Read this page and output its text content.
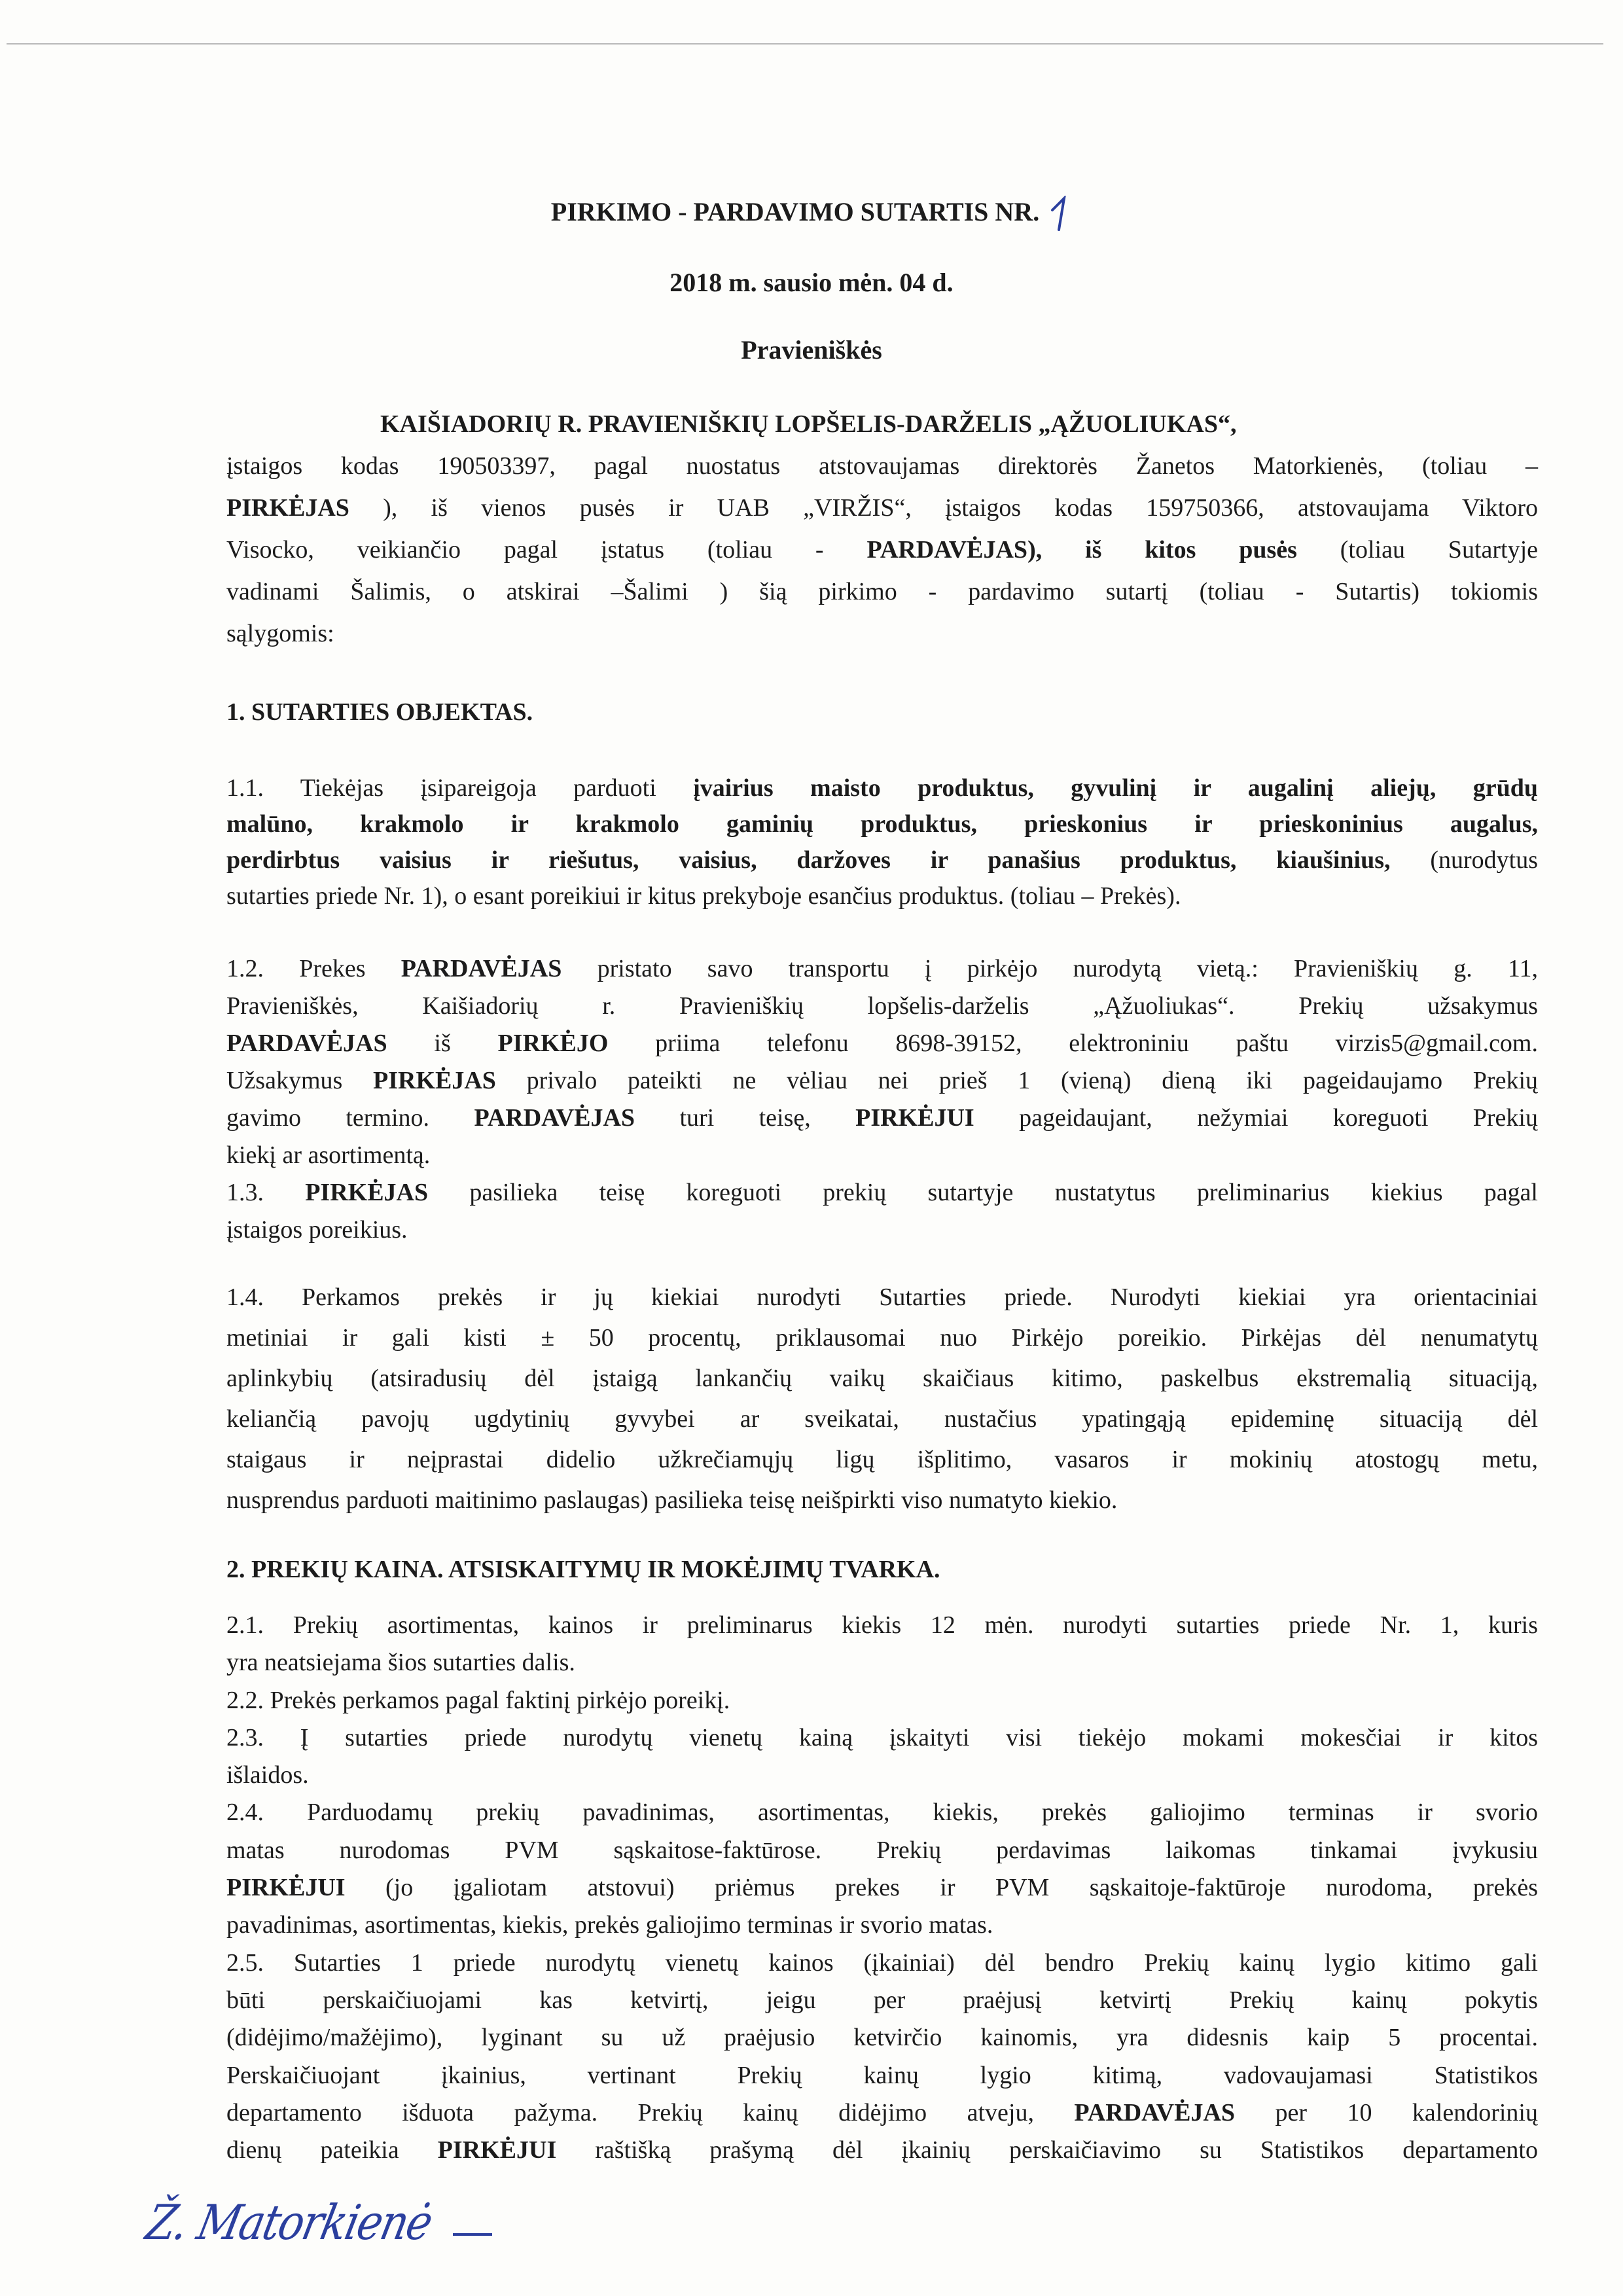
PIRKIMO - PARDAVIMO SUTARTIS NR.
2018 m. sausio mėn. 04 d.
Pravieniškės
KAIŠIADORIŲ R. PRAVIENIŠKIŲ LOPŠELIS-DARŽELIS „ĄŽUOLIUKAS“,
įstaigos kodas 190503397, pagal nuostatus atstovaujamas direktorės Žanetos Matorkienės, (toliau –
PIRKĖJAS ), iš vienos pusės ir UAB „VIRŽIS“, įstaigos kodas 159750366, atstovaujama Viktoro
Visocko, veikiančio pagal įstatus (toliau - PARDAVĖJAS), iš kitos pusės (toliau Sutartyje
vadinami Šalimis, o atskirai –Šalimi ) šią pirkimo - pardavimo sutartį (toliau - Sutartis) tokiomis
sąlygomis:
1. SUTARTIES OBJEKTAS.
1.1. Tiekėjas įsipareigoja parduoti įvairius maisto produktus, gyvulinį ir augalinį aliejų, grūdų
malūno, krakmolo ir krakmolo gaminių produktus, prieskonius ir prieskoninius augalus,
perdirbtus vaisius ir riešutus, vaisius, daržoves ir panašius produktus, kiaušinius, (nurodytus
sutarties priede Nr. 1), o esant poreikiui ir kitus prekyboje esančius produktus. (toliau – Prekės).
1.2. Prekes PARDAVĖJAS pristato savo transportu į pirkėjo nurodytą vietą.: Pravieniškių g. 11,
Pravieniškės, Kaišiadorių r. Pravieniškių lopšelis-darželis „Ąžuoliukas“. Prekių užsakymus
PARDAVĖJAS iš PIRKĖJO priima telefonu 8698-39152, elektroniniu paštu virzis5@gmail.com.
Užsakymus PIRKĖJAS privalo pateikti ne vėliau nei prieš 1 (vieną) dieną iki pageidaujamo Prekių
gavimo termino. PARDAVĖJAS turi teisę, PIRKĖJUI pageidaujant, nežymiai koreguoti Prekių
kiekį ar asortimentą.
1.3. PIRKĖJAS pasilieka teisę koreguoti prekių sutartyje nustatytus preliminarius kiekius pagal
įstaigos poreikius.
1.4. Perkamos prekės ir jų kiekiai nurodyti Sutarties priede. Nurodyti kiekiai yra orientaciniai
metiniai ir gali kisti ± 50 procentų, priklausomai nuo Pirkėjo poreikio. Pirkėjas dėl nenumatytų
aplinkybių (atsiradusių dėl įstaigą lankančių vaikų skaičiaus kitimo, paskelbus ekstremalią situaciją,
keliančią pavojų ugdytinių gyvybei ar sveikatai, nustačius ypatingąją epideminę situaciją dėl
staigaus ir neįprastai didelio užkrečiamųjų ligų išplitimo, vasaros ir mokinių atostogų metu,
nusprendus parduoti maitinimo paslaugas) pasilieka teisę neišpirkti viso numatyto kiekio.
2. PREKIŲ KAINA. ATSISKAITYMŲ IR MOKĖJIMŲ TVARKA.
2.1. Prekių asortimentas, kainos ir preliminarus kiekis 12 mėn. nurodyti sutarties priede Nr. 1, kuris
yra neatsiejama šios sutarties dalis.
2.2. Prekės perkamos pagal faktinį pirkėjo poreikį.
2.3. Į sutarties priede nurodytų vienetų kainą įskaityti visi tiekėjo mokami mokesčiai ir kitos
išlaidos.
2.4. Parduodamų prekių pavadinimas, asortimentas, kiekis, prekės galiojimo terminas ir svorio
matas nurodomas PVM sąskaitose-faktūrose. Prekių perdavimas laikomas tinkamai įvykusiu
PIRKĖJUI (jo įgaliotam atstovui) priėmus prekes ir PVM sąskaitoje-faktūroje nurodoma, prekės
pavadinimas, asortimentas, kiekis, prekės galiojimo terminas ir svorio matas.
2.5. Sutarties 1 priede nurodytų vienetų kainos (įkainiai) dėl bendro Prekių kainų lygio kitimo gali
būti perskaičiuojami kas ketvirtį, jeigu per praėjusį ketvirtį Prekių kainų pokytis
(didėjimo/mažėjimo), lyginant su už praėjusio ketvirčio kainomis, yra didesnis kaip 5 procentai.
Perskaičiuojant įkainius, vertinant Prekių kainų lygio kitimą, vadovaujamasi Statistikos
departamento išduota pažyma. Prekių kainų didėjimo atveju, PARDAVĖJAS per 10 kalendorinių
dienų pateikia PIRKĖJUI raštišką prašymą dėl įkainių perskaičiavimo su Statistikos departamento
Ž. Matorkienė
